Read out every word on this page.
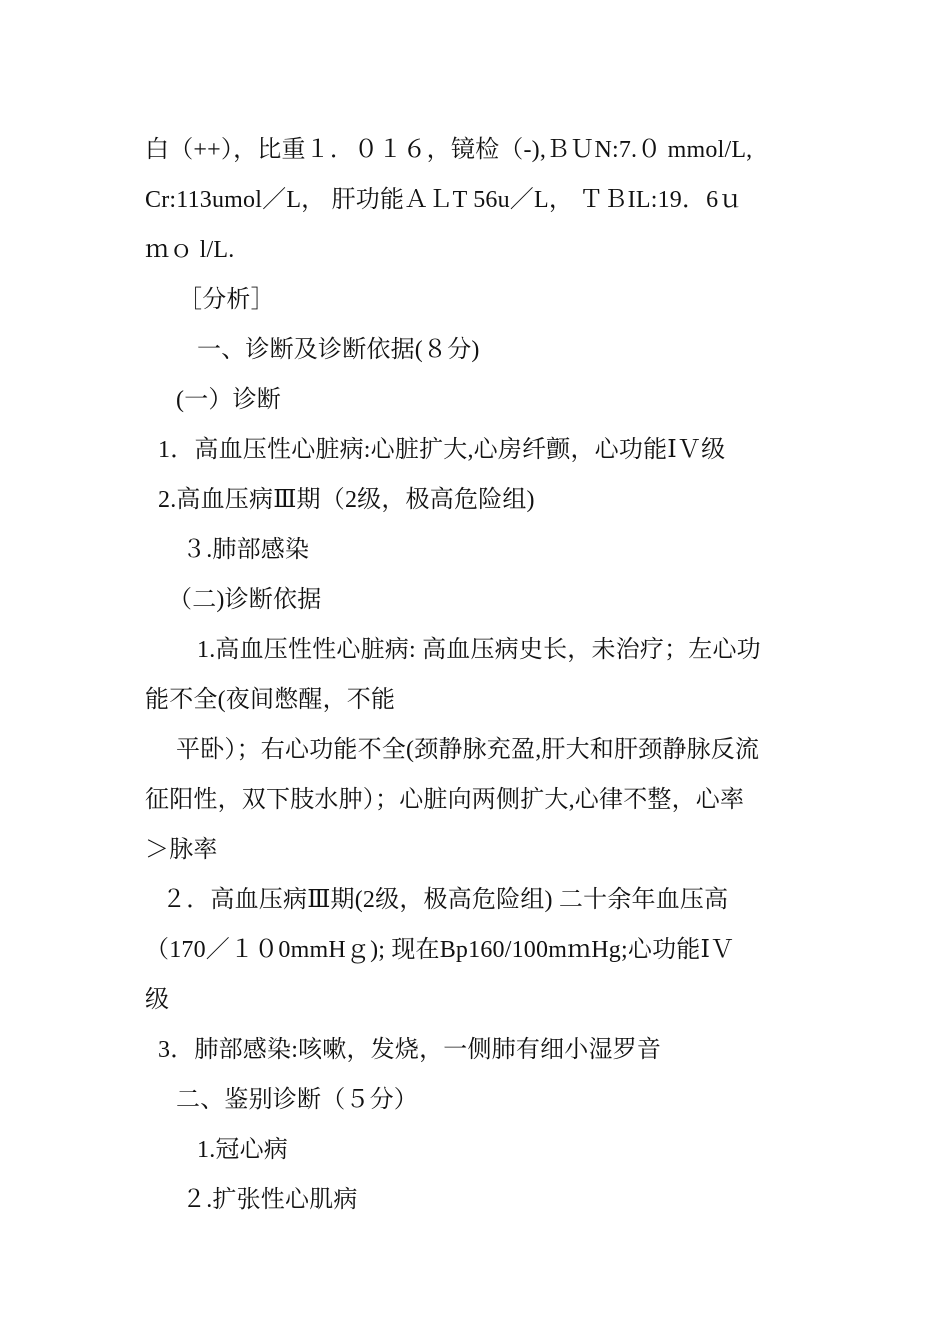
白（++），比重１．０１６，镜检（-),ＢＵN:7.０ mmol/L,
Cr:113umol／L， 肝功能ＡＬT 56u／L， ＴＢIL:19．6ｕ
ｍｏ l/L.
［分析］
一、诊断及诊断依据(８分)
(一）诊断
1．高血压性心脏病:心脏扩大,心房纤颤，心功能ⅠＶ级
2.高血压病Ⅲ期（2级，极高危险组)
３.肺部感染
（二)诊断依据
1.高血压性性心脏病: 高血压病史长，未治疗；左心功
能不全(夜间憋醒，不能
平卧）；右心功能不全(颈静脉充盈,肝大和肝颈静脉反流
征阳性，双下肢水肿）；心脏向两侧扩大,心律不整，心率
＞脉率
２．高血压病Ⅲ期(2级，极高危险组) 二十余年血压高
（170／１０0mmHｇ); 现在Bp160/100mｍHg;心功能ⅠＶ
级
3．肺部感染:咳嗽，发烧，一侧肺有细小湿罗音
二、鉴别诊断（５分）
1.冠心病
２.扩张性心肌病
